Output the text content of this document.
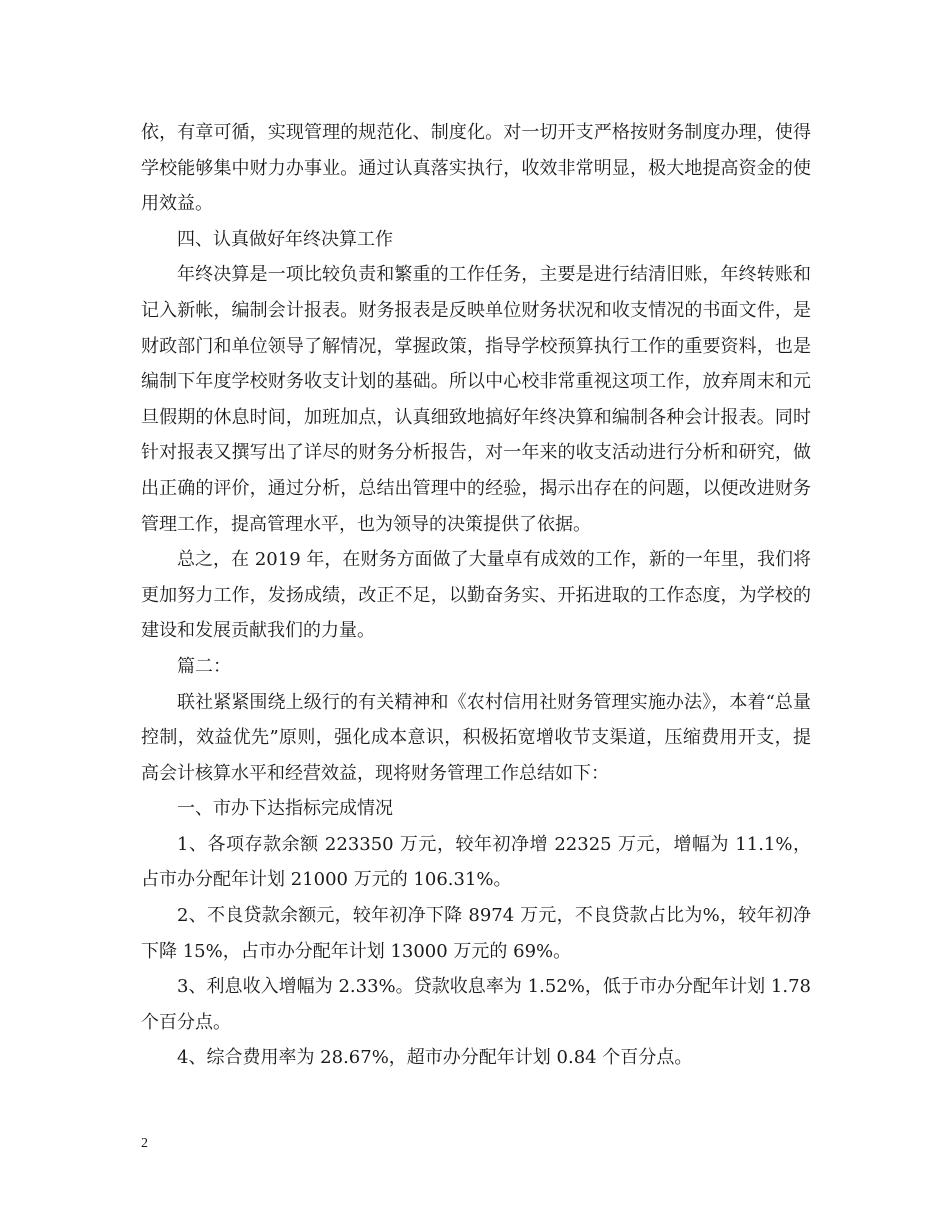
依，有章可循，实现管理的规范化、制度化。对一切开支严格按财务制度办理，使得学校能够集中财力办事业。通过认真落实执行，收效非常明显，极大地提高资金的使用效益。

四、认真做好年终决算工作

年终决算是一项比较负责和繁重的工作任务，主要是进行结清旧账，年终转账和记入新帐，编制会计报表。财务报表是反映单位财务状况和收支情况的书面文件，是财政部门和单位领导了解情况，掌握政策，指导学校预算执行工作的重要资料，也是编制下年度学校财务收支计划的基础。所以中心校非常重视这项工作，放弃周末和元旦假期的休息时间，加班加点，认真细致地搞好年终决算和编制各种会计报表。同时针对报表又撰写出了详尽的财务分析报告，对一年来的收支活动进行分析和研究，做出正确的评价，通过分析，总结出管理中的经验，揭示出存在的问题，以便改进财务管理工作，提高管理水平，也为领导的决策提供了依据。

总之，在 2019 年，在财务方面做了大量卓有成效的工作，新的一年里，我们将更加努力工作，发扬成绩，改正不足，以勤奋务实、开拓进取的工作态度，为学校的建设和发展贡献我们的力量。

篇二：

联社紧紧围绕上级行的有关精神和《农村信用社财务管理实施办法》，本着“总量控制，效益优先”原则，强化成本意识，积极拓宽增收节支渠道，压缩费用开支，提高会计核算水平和经营效益，现将财务管理工作总结如下：

一、市办下达指标完成情况

1、各项存款余额 223350 万元，较年初净增 22325 万元，增幅为 11.1%，占市办分配年计划 21000 万元的 106.31%。

2、不良贷款余额元，较年初净下降 8974 万元，不良贷款占比为%，较年初净下降 15%，占市办分配年计划 13000 万元的 69%。

3、利息收入增幅为 2.33%。贷款收息率为 1.52%，低于市办分配年计划 1.78 个百分点。

4、综合费用率为 28.67%，超市办分配年计划 0.84 个百分点。

2
